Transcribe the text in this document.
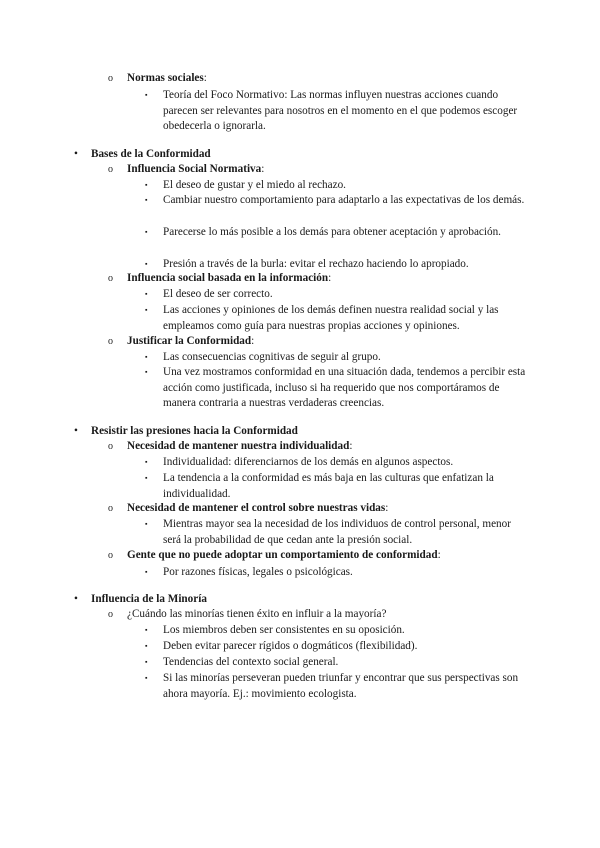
o Normas sociales:
▪ Teoría del Foco Normativo: Las normas influyen nuestras acciones cuando parecen ser relevantes para nosotros en el momento en el que podemos escoger obedecerla o ignorarla.
• Bases de la Conformidad
o Influencia Social Normativa:
▪ El deseo de gustar y el miedo al rechazo.
▪ Cambiar nuestro comportamiento para adaptarlo a las expectativas de los demás.
▪ Parecerse lo más posible a los demás para obtener aceptación y aprobación.
▪ Presión a través de la burla: evitar el rechazo haciendo lo apropiado.
o Influencia social basada en la información:
▪ El deseo de ser correcto.
▪ Las acciones y opiniones de los demás definen nuestra realidad social y las empleamos como guía para nuestras propias acciones y opiniones.
o Justificar la Conformidad:
▪ Las consecuencias cognitivas de seguir al grupo.
▪ Una vez mostramos conformidad en una situación dada, tendemos a percibir esta acción como justificada, incluso si ha requerido que nos comportáramos de manera contraria a nuestras verdaderas creencias.
• Resistir las presiones hacia la Conformidad
o Necesidad de mantener nuestra individualidad:
▪ Individualidad: diferenciarnos de los demás en algunos aspectos.
▪ La tendencia a la conformidad es más baja en las culturas que enfatizan la individualidad.
o Necesidad de mantener el control sobre nuestras vidas:
▪ Mientras mayor sea la necesidad de los individuos de control personal, menor será la probabilidad de que cedan ante la presión social.
o Gente que no puede adoptar un comportamiento de conformidad:
▪ Por razones físicas, legales o psicológicas.
• Influencia de la Minoría
o ¿Cuándo las minorías tienen éxito en influir a la mayoría?
▪ Los miembros deben ser consistentes en su oposición.
▪ Deben evitar parecer rígidos o dogmáticos (flexibilidad).
▪ Tendencias del contexto social general.
▪ Si las minorías perseveran pueden triunfar y encontrar que sus perspectivas son ahora mayoría. Ej.: movimiento ecologista.
